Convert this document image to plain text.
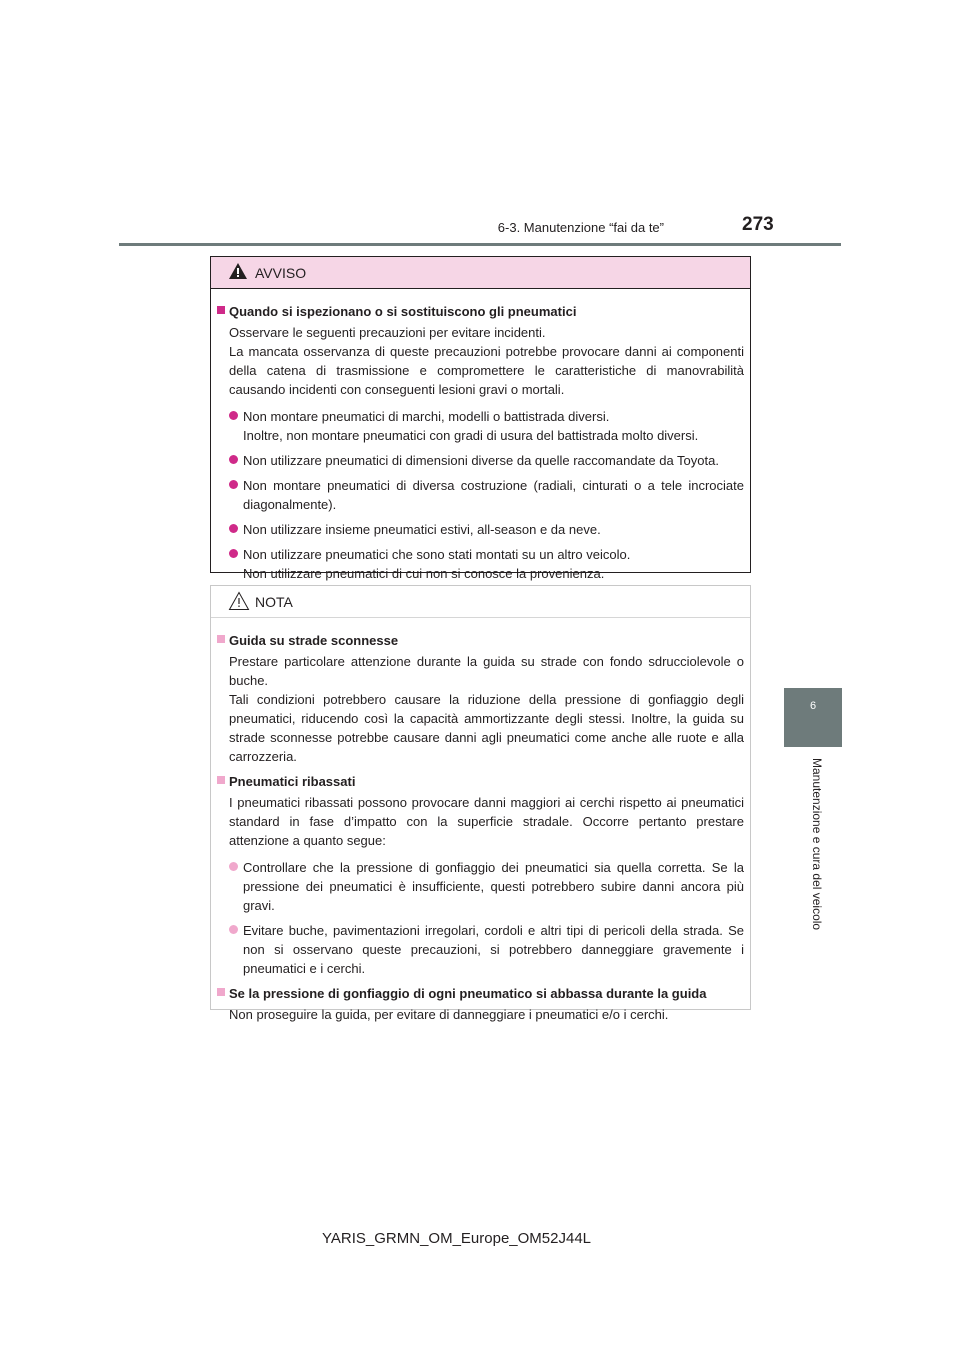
6-3. Manutenzione “fai da te”	273
6
Manutenzione e cura del veicolo
AVVISO
Quando si ispezionano o si sostituiscono gli pneumatici
Osservare le seguenti precauzioni per evitare incidenti.
La mancata osservanza di queste precauzioni potrebbe provocare danni ai componenti della catena di trasmissione e compromettere le caratteristiche di manovrabilità causando incidenti con conseguenti lesioni gravi o mortali.
Non montare pneumatici di marchi, modelli o battistrada diversi.
Inoltre, non montare pneumatici con gradi di usura del battistrada molto diversi.
Non utilizzare pneumatici di dimensioni diverse da quelle raccomandate da Toyota.
Non montare pneumatici di diversa costruzione (radiali, cinturati o a tele incrociate diagonalmente).
Non utilizzare insieme pneumatici estivi, all-season e da neve.
Non utilizzare pneumatici che sono stati montati su un altro veicolo.
Non utilizzare pneumatici di cui non si conosce la provenienza.
NOTA
Guida su strade sconnesse
Prestare particolare attenzione durante la guida su strade con fondo sdrucciolevole o buche.
Tali condizioni potrebbero causare la riduzione della pressione di gonfiaggio degli pneumatici, riducendo così la capacità ammortizzante degli stessi. Inoltre, la guida su strade sconnesse potrebbe causare danni agli pneumatici come anche alle ruote e alla carrozzeria.
Pneumatici ribassati
I pneumatici ribassati possono provocare danni maggiori ai cerchi rispetto ai pneumatici standard in fase d’impatto con la superficie stradale. Occorre pertanto prestare attenzione a quanto segue:
Controllare che la pressione di gonfiaggio dei pneumatici sia quella corretta. Se la pressione dei pneumatici è insufficiente, questi potrebbero subire danni ancora più gravi.
Evitare buche, pavimentazioni irregolari, cordoli e altri tipi di pericoli della strada. Se non si osservano queste precauzioni, si potrebbero danneggiare gravemente i pneumatici e i cerchi.
Se la pressione di gonfiaggio di ogni pneumatico si abbassa durante la guida
Non proseguire la guida, per evitare di danneggiare i pneumatici e/o i cerchi.
YARIS_GRMN_OM_Europe_OM52J44L
